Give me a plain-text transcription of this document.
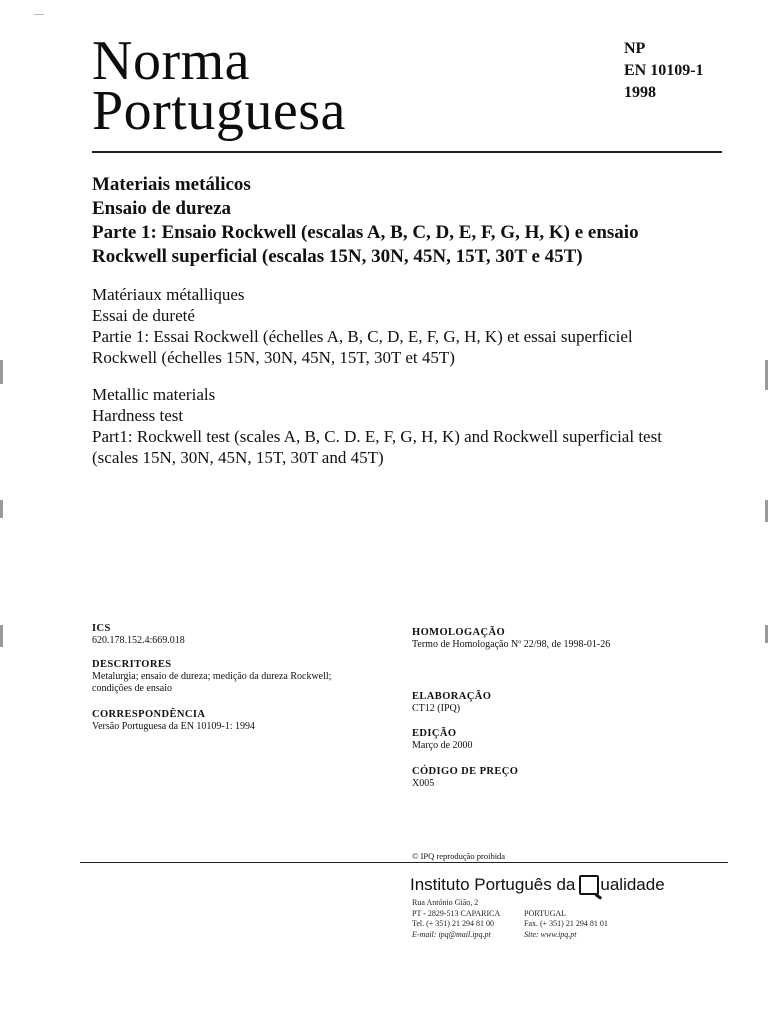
Norma
Portuguesa
NP
EN 10109-1
1998
Materiais metálicos
Ensaio de dureza
Parte 1: Ensaio Rockwell (escalas A, B, C, D, E, F, G, H, K) e ensaio
Rockwell superficial (escalas 15N, 30N, 45N, 15T, 30T e 45T)
Matériaux métalliques
Essai de dureté
Partie 1: Essai Rockwell (échelles A, B, C, D, E, F, G, H, K) et essai superficiel
Rockwell (échelles 15N, 30N, 45N, 15T, 30T et 45T)
Metallic materials
Hardness test
Part1: Rockwell test (scales A, B, C. D. E, F, G, H, K) and Rockwell superficial test
(scales 15N, 30N, 45N, 15T, 30T and 45T)
ICS
620.178.152.4:669.018
DESCRITORES
Metalurgia; ensaio de dureza; medição da dureza Rockwell;
condições de ensaio
CORRESPONDÊNCIA
Versão Portuguesa da EN 10109-1: 1994
HOMOLOGAÇÃO
Termo de Homologação Nº 22/98, de 1998-01-26
ELABORAÇÃO
CT12 (IPQ)
EDIÇÃO
Março de 2000
CÓDIGO DE PREÇO
X005
© IPQ reprodução proibida
Instituto Português da ualidade
Rua António Gião, 2
PT - 2829-513 CAPARICA	PORTUGAL
Tel. (+ 351) 21 294 81 00	Fax. (+ 351) 21 294 81 01
E-mail: ipq@mail.ipq.pt	Site: www.ipq.pt
